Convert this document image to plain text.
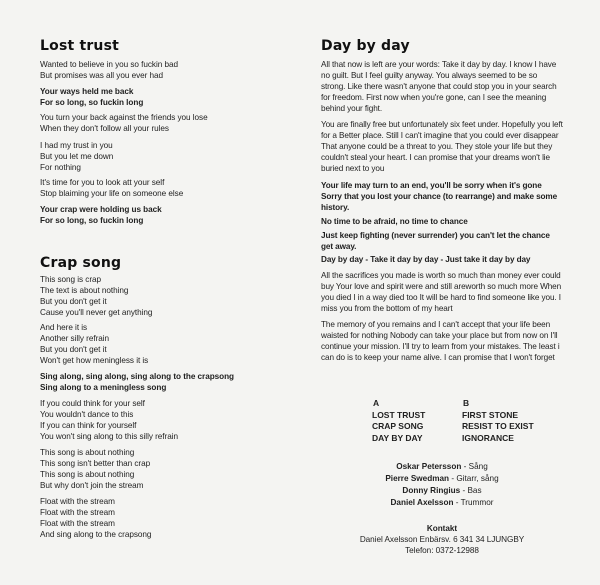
Lost trust
Wanted to believe in you so fuckin bad
But promises was all you ever had
Your ways held me back
For so long, so fuckin long
You turn your back against the friends you lose
When they don't follow all your rules
I had my trust in you
But you let me down
For nothing
It's time for you to look att your self
Stop blaiming your life on someone else
Your crap were holding us back
For so long, so fuckin long
Crap song
This song is crap
The text is about nothing
But you don't get it
Cause you'll never get anything
And here it is
Another silly refrain
But you don't get it
Won't get how meningless it is
Sing along, sing along, sing along to the crapsong
Sing along to a meningless song
If you could think for your self
You wouldn't dance to this
If you can think for yourself
You won't sing along to this silly refrain
This song is about nothing
This song isn't better than crap
This song is about nothing
But why don't join the stream
Float with the stream
Float with the stream
Float with the stream
And sing along to the crapsong
Day by day

All that now is left are your words: Take it day by day. I know I have no guilt. But I feel guilty anyway. You always seemed to be so strong. Like there wasn't anyone that could stop you in your search for freedom. First now when you're gone, can I see the meaning behind your fight.

You are finally free but unfortunately six feet under. Hopefully you left for a Better place. Still I can't imagine that you could ever disappear That anyone could be a threat to you. They stole your life but they couldn't steal your heart. I can promise that your dreams won't lie buried next to you

Your life may turn to an end, you'll be sorry when it's gone Sorry that you lost your chance (to rearrange) and make some history.

No time to be afraid, no time to chance

Just keep fighting (never surrender) you can't let the chance get away.

Day by day - Take it day by day - Just take it day by day

All the sacrifices you made is worth so much than money ever could buy Your love and spirit were and still areworth so much more When you died I in a way died too It will be hard to find someone like you. I miss you from the bottom of my heart

The memory of you remains and I can't accept that your life been waisted for nothing Nobody can take your place but from now on I'll continue your mission. I'll try to learn from your mistakes. The least i can do is to keep your name alive. I can promise that I won't forget

A
LOST TRUST
CRAP SONG
DAY BY DAY
B
FIRST STONE
RESIST TO EXIST
IGNORANCE
Oskar Petersson - Sång
Pierre Swedman - Gitarr, sång
Donny Ringius - Bas
Daniel Axelsson - Trummor
Kontakt
Daniel Axelsson Enbärsv. 6 341 34 LJUNGBY
Telefon: 0372-12988
